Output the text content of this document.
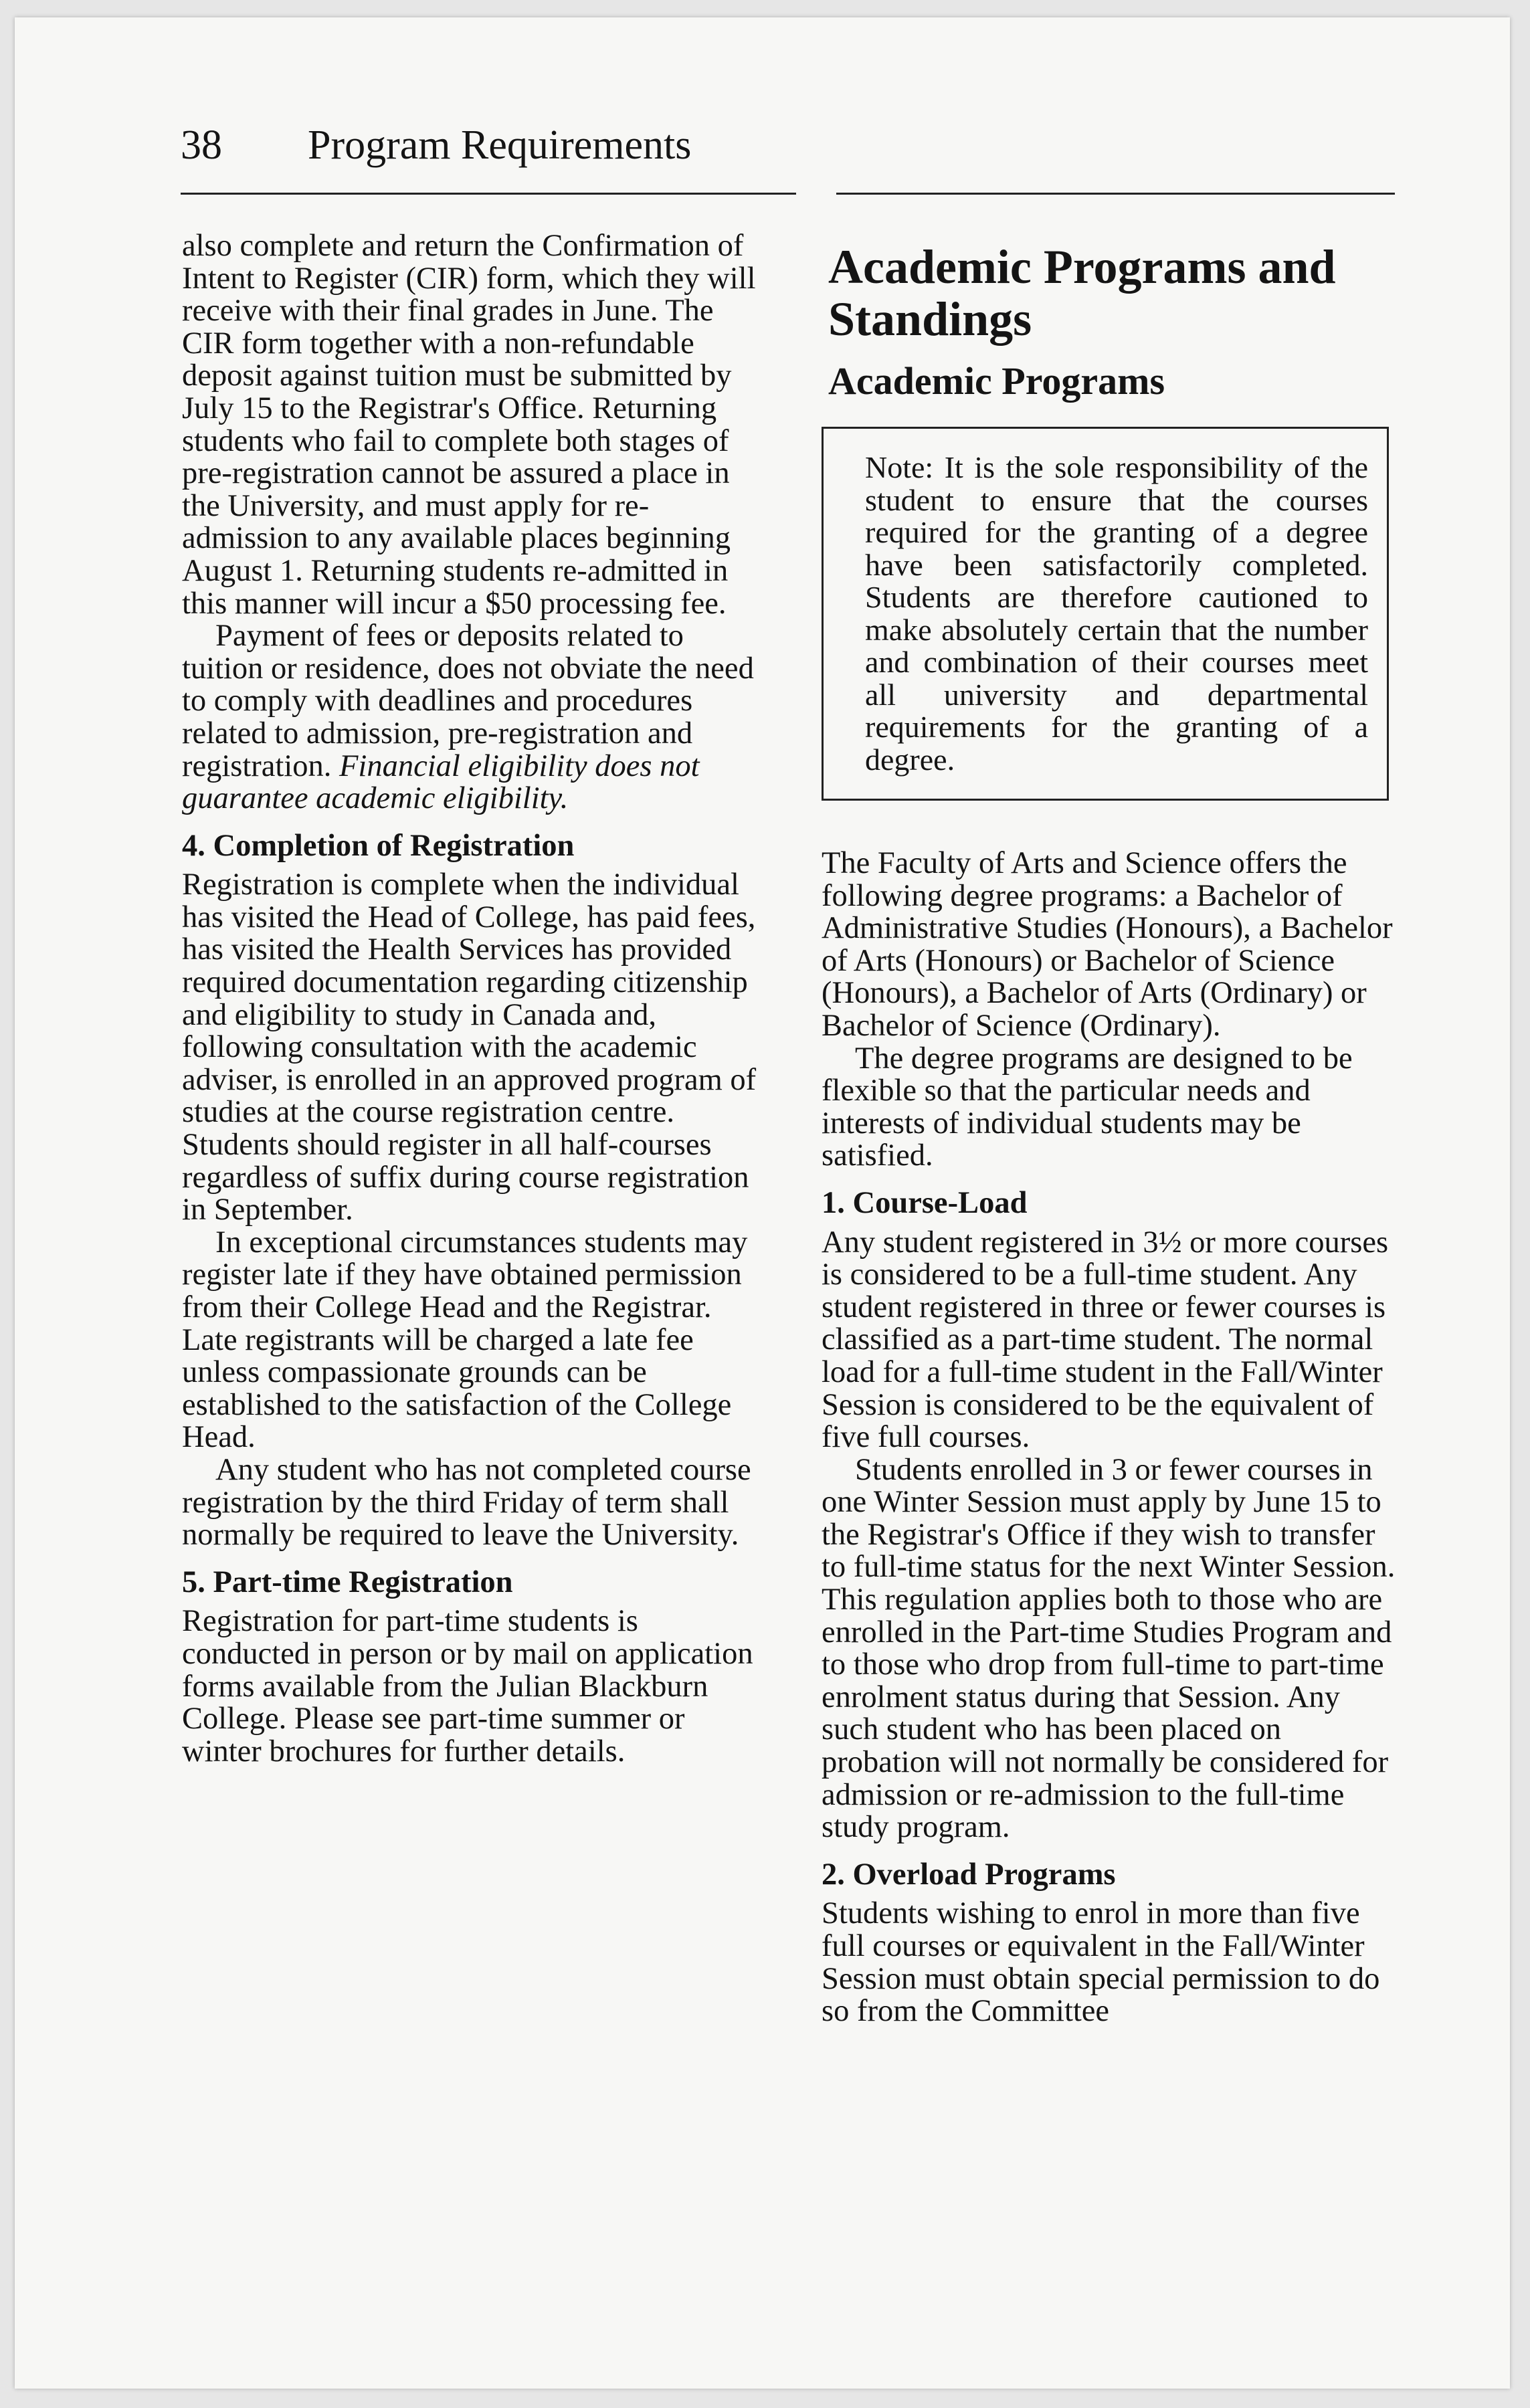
38 Program Requirements

also complete and return the Confirmation of Intent to Register (CIR) form, which they will receive with their final grades in June. The CIR form together with a non-refundable deposit against tuition must be submitted by July 15 to the Registrar's Office. Returning students who fail to complete both stages of pre-registration cannot be assured a place in the University, and must apply for re-admission to any available places beginning August 1. Returning students re-admitted in this manner will incur a $50 processing fee.

Payment of fees or deposits related to tuition or residence, does not obviate the need to comply with deadlines and procedures related to admission, pre-registration and registration. Financial eligibility does not guarantee academic eligibility.

4. Completion of Registration

Registration is complete when the individual has visited the Head of College, has paid fees, has visited the Health Services has provided required documentation regarding citizenship and eligibility to study in Canada and, following consultation with the academic adviser, is enrolled in an approved program of studies at the course registration centre. Students should register in all half-courses regardless of suffix during course registration in September.

In exceptional circumstances students may register late if they have obtained permission from their College Head and the Registrar. Late registrants will be charged a late fee unless compassionate grounds can be established to the satisfaction of the College Head.

Any student who has not completed course registration by the third Friday of term shall normally be required to leave the University.

5. Part-time Registration

Registration for part-time students is conducted in person or by mail on application forms available from the Julian Blackburn College. Please see part-time summer or winter brochures for further details.

Academic Programs and Standings
Academic Programs
Note: It is the sole responsibility of the student to ensure that the courses required for the granting of a degree have been satisfactorily completed. Students are therefore cautioned to make absolutely certain that the number and combination of their courses meet all university and departmental requirements for the granting of a degree.

The Faculty of Arts and Science offers the following degree programs: a Bachelor of Administrative Studies (Honours), a Bachelor of Arts (Honours) or Bachelor of Science (Honours), a Bachelor of Arts (Ordinary) or Bachelor of Science (Ordinary).

The degree programs are designed to be flexible so that the particular needs and interests of individual students may be satisfied.

1. Course-Load

Any student registered in 3½ or more courses is considered to be a full-time student. Any student registered in three or fewer courses is classified as a part-time student. The normal load for a full-time student in the Fall/Winter Session is considered to be the equivalent of five full courses.

Students enrolled in 3 or fewer courses in one Winter Session must apply by June 15 to the Registrar's Office if they wish to transfer to full-time status for the next Winter Session. This regulation applies both to those who are enrolled in the Part-time Studies Program and to those who drop from full-time to part-time enrolment status during that Session. Any such student who has been placed on probation will not normally be considered for admission or re-admission to the full-time study program.

2. Overload Programs

Students wishing to enrol in more than five full courses or equivalent in the Fall/Winter Session must obtain special permission to do so from the Committee
